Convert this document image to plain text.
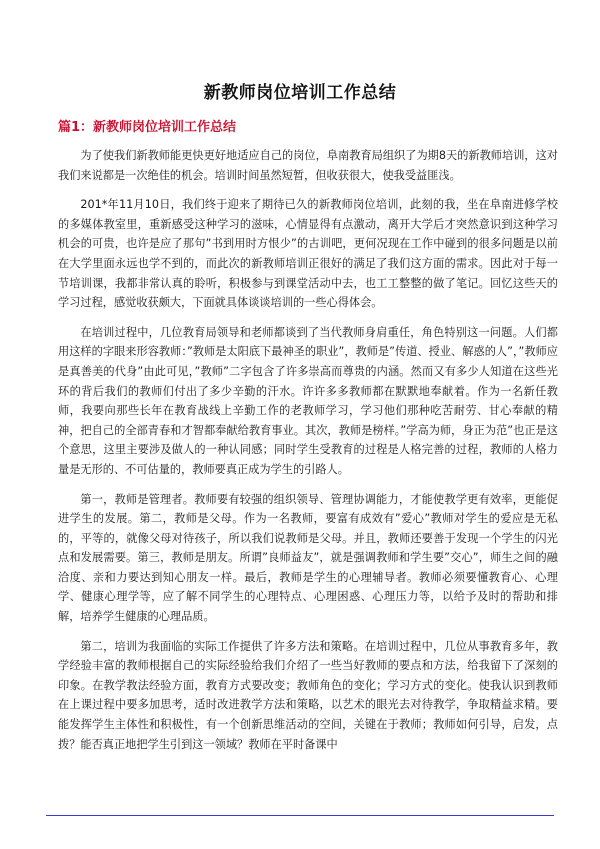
新教师岗位培训工作总结
篇1：新教师岗位培训工作总结

为了使我们新教师能更快更好地适应自己的岗位，阜南教育局组织了为期8天的新教师培训，这对我们来说都是一次绝佳的机会。培训时间虽然短暂，但收获很大，使我受益匪浅。

201*年11月10日，我们终于迎来了期待已久的新教师岗位培训，此刻的我，坐在阜南进修学校的多媒体教室里，重新感受这种学习的滋味，心情显得有点激动，离开大学后才突然意识到这种学习机会的可贵，也许是应了那句”书到用时方恨少”的古训吧，更何况现在工作中碰到的很多问题是以前在大学里面永远也学不到的，而此次的新教师培训正很好的满足了我们这方面的需求。因此对于每一节培训课，我都非常认真的聆听，积极参与到课堂活动中去，也工工整整的做了笔记。回忆这些天的学习过程，感觉收获颇大，下面就具体谈谈培训的一些心得体会。

在培训过程中，几位教育局领导和老师都谈到了当代教师身肩重任，角色特别这一问题。人们都用这样的字眼来形容教师：”教师是太阳底下最神圣的职业”，教师是”传道、授业、解惑的人”，”教师应是真善美的代身”由此可见，”教师”二字包含了许多崇高而尊贵的内涵。然而又有多少人知道在这些光环的背后我们的教师们付出了多少辛勤的汗水。许许多多教师都在默默地奉献着。作为一名新任教师，我要向那些长年在教育战线上辛勤工作的老教师学习，学习他们那种吃苦耐劳、甘心奉献的精神，把自己的全部青春和才智都奉献给教育事业。其次，教师是榜样。”学高为师，身正为范”也正是这个意思，这里主要涉及做人的一种认同感；同时学生受教育的过程是人格完善的过程，教师的人格力量是无形的、不可估量的，教师要真正成为学生的引路人。

第一，教师是管理者。教师要有较强的组织领导、管理协调能力，才能使教学更有效率，更能促进学生的发展。第二，教师是父母。作为一名教师，要富有成效有”爱心”教师对学生的爱应是无私的，平等的，就像父母对待孩子，所以我们说教师是父母。并且，教师还要善于发现一个学生的闪光点和发展需要。第三，教师是朋友。所谓”良师益友”，就是强调教师和学生要”交心”，师生之间的融洽度、亲和力要达到知心朋友一样。最后，教师是学生的心理辅导者。教师必须要懂教育心、心理学、健康心理学等，应了解不同学生的心理特点、心理困惑、心理压力等，以给予及时的帮助和排解，培养学生健康的心理品质。

第二，培训为我面临的实际工作提供了许多方法和策略。在培训过程中，几位从事教育多年，教学经验丰富的教师根据自己的实际经验给我们介绍了一些当好教师的要点和方法，给我留下了深刻的印象。在教学教法经验方面，教育方式要改变；教师角色的变化；学习方式的变化。使我认识到教师在上课过程中要多加思考，适时改进教学方法和策略，以艺术的眼光去对待教学，争取精益求精。要能发挥学生主体性和积极性，有一个创新思维活动的空间，关键在于教师；教师如何引导，启发，点拨？能否真正地把学生引到这一领域？教师在平时备课中
